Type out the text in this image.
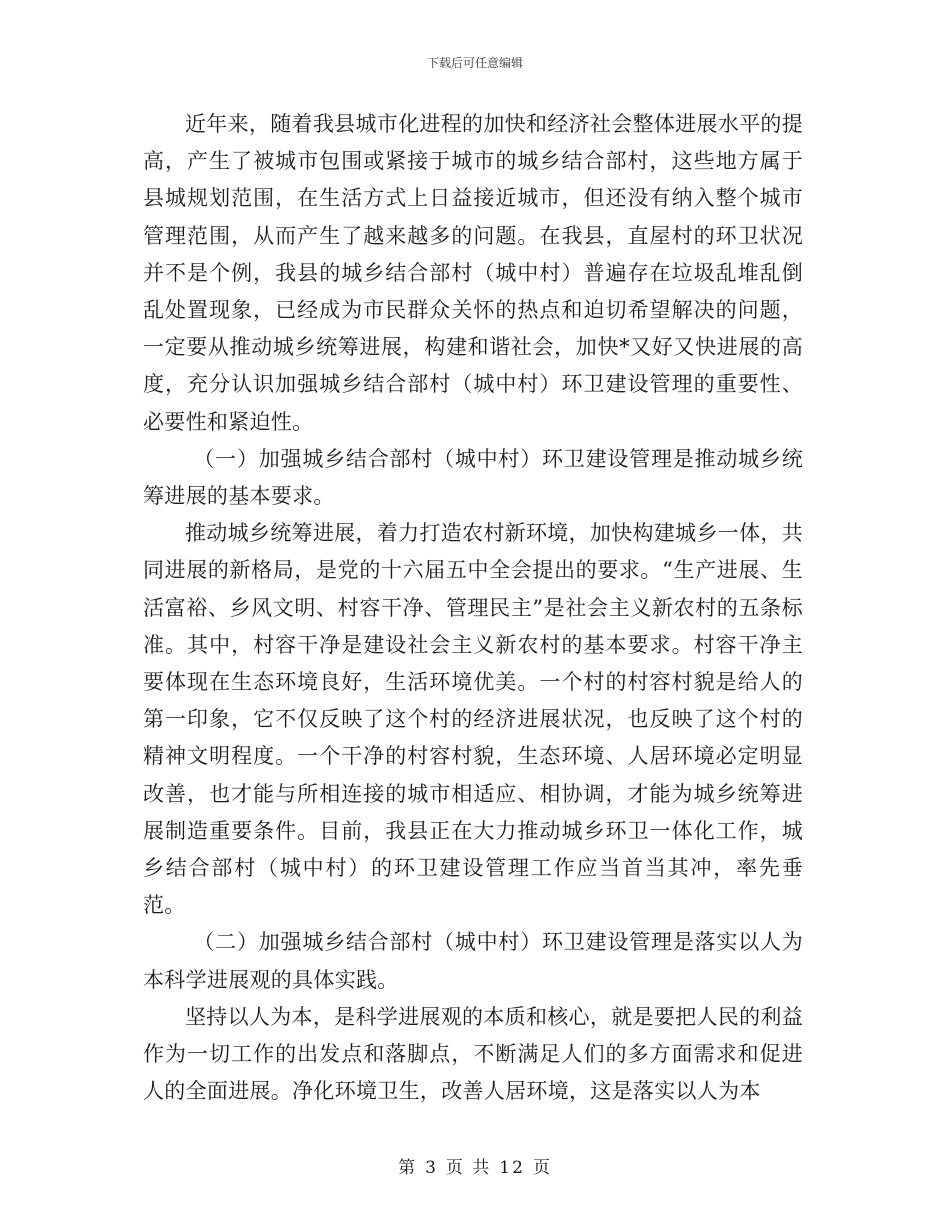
下载后可任意编辑

近年来，随着我县城市化进程的加快和经济社会整体进展水平的提高，产生了被城市包围或紧接于城市的城乡结合部村，这些地方属于县城规划范围，在生活方式上日益接近城市，但还没有纳入整个城市管理范围，从而产生了越来越多的问题。在我县，直屋村的环卫状况并不是个例，我县的城乡结合部村（城中村）普遍存在垃圾乱堆乱倒乱处置现象，已经成为市民群众关怀的热点和迫切希望解决的问题，一定要从推动城乡统筹进展，构建和谐社会，加快*又好又快进展的高度，充分认识加强城乡结合部村（城中村）环卫建设管理的重要性、必要性和紧迫性。

（一）加强城乡结合部村（城中村）环卫建设管理是推动城乡统筹进展的基本要求。

推动城乡统筹进展，着力打造农村新环境，加快构建城乡一体，共同进展的新格局，是党的十六届五中全会提出的要求。“生产进展、生活富裕、乡风文明、村容干净、管理民主”是社会主义新农村的五条标准。其中，村容干净是建设社会主义新农村的基本要求。村容干净主要体现在生态环境良好，生活环境优美。一个村的村容村貌是给人的第一印象，它不仅反映了这个村的经济进展状况，也反映了这个村的精神文明程度。一个干净的村容村貌，生态环境、人居环境必定明显改善，也才能与所相连接的城市相适应、相协调，才能为城乡统筹进展制造重要条件。目前，我县正在大力推动城乡环卫一体化工作，城乡结合部村（城中村）的环卫建设管理工作应当首当其冲，率先垂范。

（二）加强城乡结合部村（城中村）环卫建设管理是落实以人为本科学进展观的具体实践。

坚持以人为本，是科学进展观的本质和核心，就是要把人民的利益作为一切工作的出发点和落脚点，不断满足人们的多方面需求和促进人的全面进展。净化环境卫生，改善人居环境，这是落实以人为本

第 3 页 共 12 页
